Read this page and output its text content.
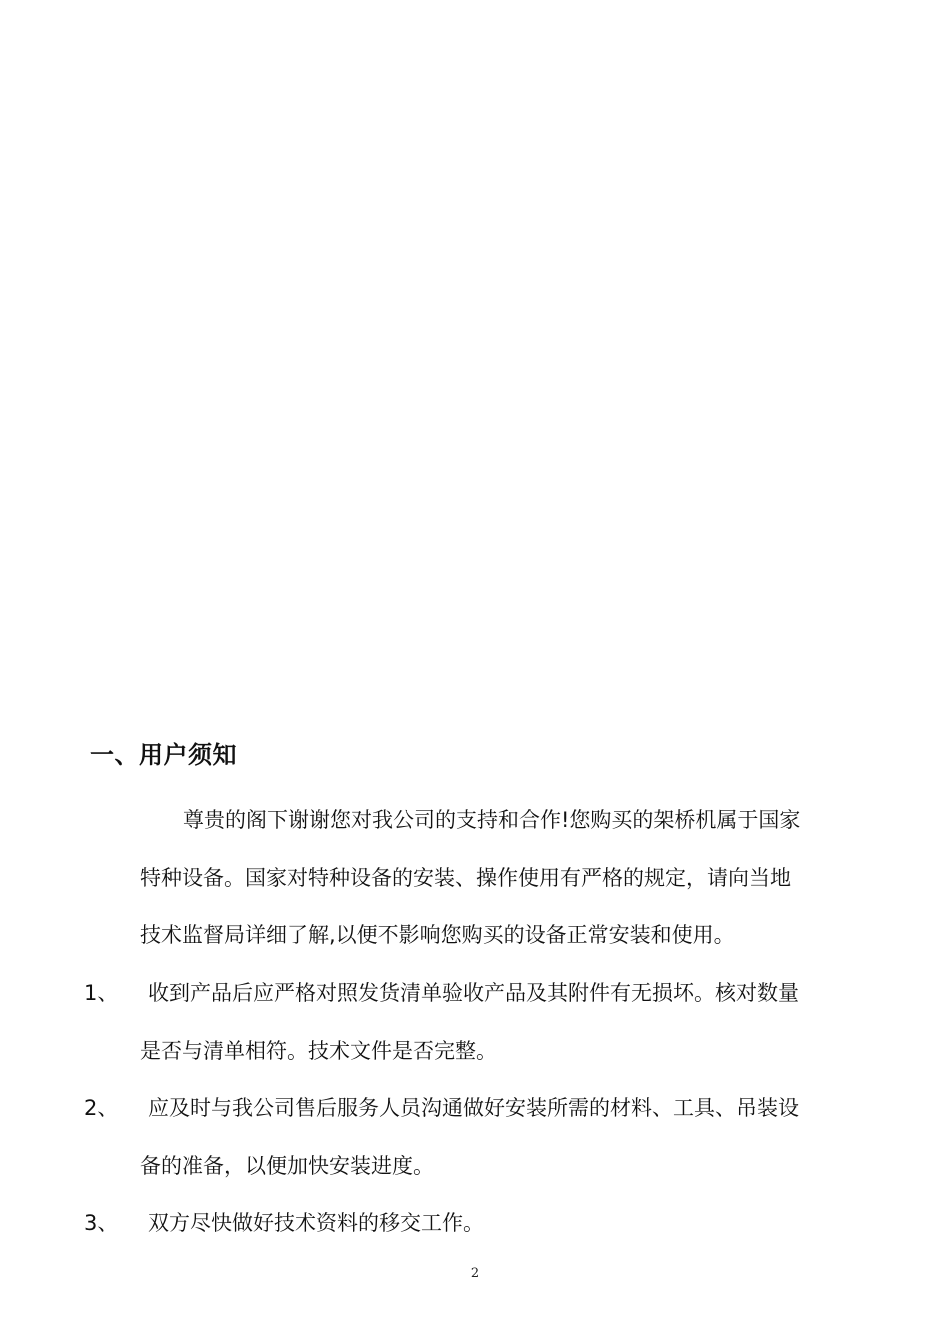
一、用户须知
尊贵的阁下谢谢您对我公司的支持和合作!您购买的架桥机属于国家
特种设备。国家对特种设备的安装、操作使用有严格的规定，请向当地
技术监督局详细了解,以便不影响您购买的设备正常安装和使用。
1、 收到产品后应严格对照发货清单验收产品及其附件有无损坏。核对数量
是否与清单相符。技术文件是否完整。
2、 应及时与我公司售后服务人员沟通做好安装所需的材料、工具、吊装设
备的准备，以便加快安装进度。
3、 双方尽快做好技术资料的移交工作。
2
